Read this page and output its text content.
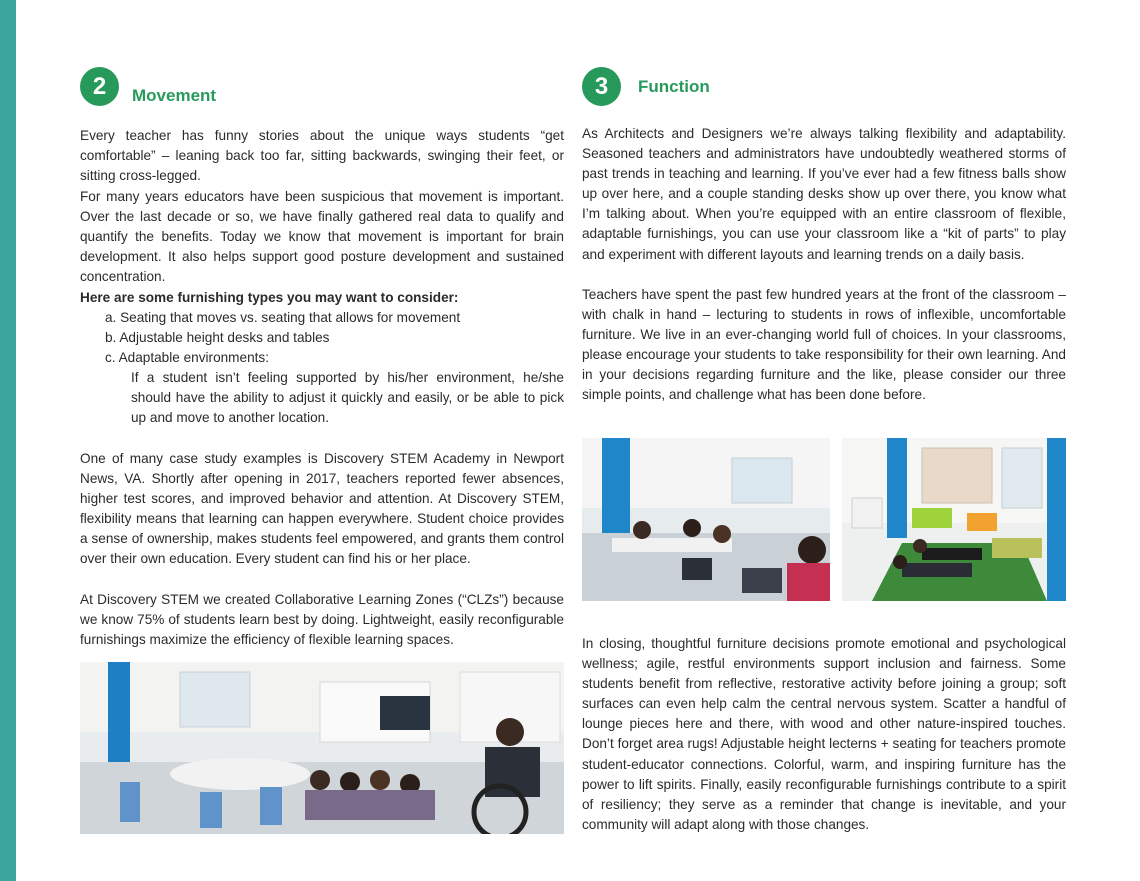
2	Movement

Every teacher has funny stories about the unique ways students “get comfortable” – leaning back too far, sitting backwards, swinging their feet, or sitting cross-legged.

For many years educators have been suspicious that movement is important. Over the last decade or so, we have finally gathered real data to qualify and quantify the benefits. Today we know that movement is important for brain development. It also helps support good posture development and sustained concentration.

Here are some furnishing types you may want to consider:

a. Seating that moves vs. seating that allows for movement
b. Adjustable height desks and tables
c. Adaptable environments:
If a student isn’t feeling supported by his/her environment, he/she should have the ability to adjust it quickly and easily, or be able to pick up and move to another location.

One of many case study examples is Discovery STEM Academy in Newport News, VA. Shortly after opening in 2017, teachers reported fewer absences, higher test scores, and improved behavior and attention. At Discovery STEM, flexibility means that learning can happen everywhere. Student choice provides a sense of ownership, makes students feel empowered, and grants them control over their own education. Every student can find his or her place.

At Discovery STEM we created Collaborative Learning Zones (“CLZs”) because we know 75% of students learn best by doing. Lightweight, easily reconfigurable furnishings maximize the efficiency of flexible learning spaces.

3	Function

As Architects and Designers we’re always talking flexibility and adaptability. Seasoned teachers and administrators have undoubtedly weathered storms of past trends in teaching and learning. If you’ve ever had a few fitness balls show up over here, and a couple standing desks show up over there, you know what I’m talking about. When you’re equipped with an entire classroom of flexible, adaptable furnishings, you can use your classroom like a “kit of parts” to play and experiment with different layouts and learning trends on a daily basis.

Teachers have spent the past few hundred years at the front of the classroom – with chalk in hand – lecturing to students in rows of inflexible, uncomfortable furniture. We live in an ever-changing world full of choices. In your classrooms, please encourage your students to take responsibility for their own learning. And in your decisions regarding furniture and the like, please consider our three simple points, and challenge what has been done before.

In closing, thoughtful furniture decisions promote emotional and psychological wellness; agile, restful environments support inclusion and fairness. Some students benefit from reflective, restorative activity before joining a group; soft surfaces can even help calm the central nervous system. Scatter a handful of lounge pieces here and there, with wood and other nature-inspired touches. Don’t forget area rugs! Adjustable height lecterns + seating for teachers promote student-educator connections. Colorful, warm, and inspiring furniture has the power to lift spirits. Finally, easily reconfigurable furnishings contribute to a spirit of resiliency; they serve as a reminder that change is inevitable, and your community will adapt along with those changes.
